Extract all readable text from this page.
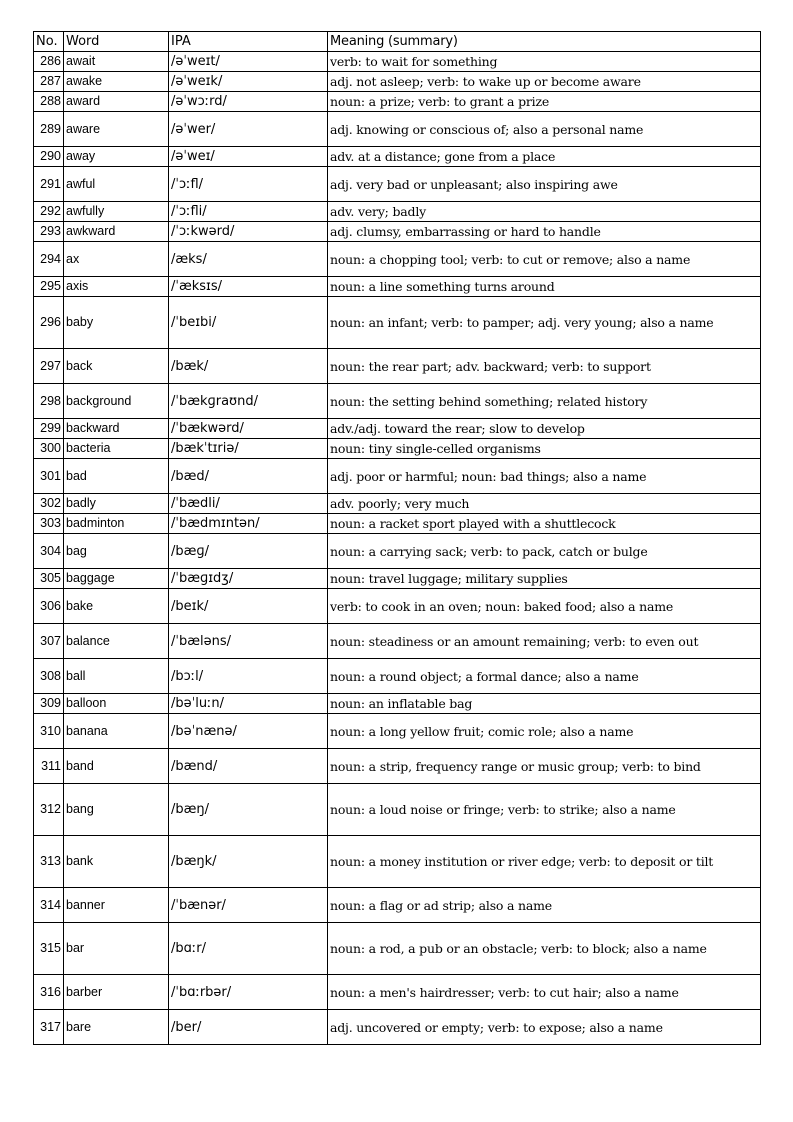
No.	Word	IPA	Meaning (summary)
286	await	/əˈweɪt/	verb: to wait for something
287	awake	/əˈweɪk/	adj. not asleep; verb: to wake up or become aware
288	award	/əˈwɔːrd/	noun: a prize; verb: to grant a prize
289	aware	/əˈwer/	adj. knowing or conscious of; also a personal name
290	away	/əˈweɪ/	adv. at a distance; gone from a place
291	awful	/ˈɔːfl/	adj. very bad or unpleasant; also inspiring awe
292	awfully	/ˈɔːfli/	adv. very; badly
293	awkward	/ˈɔːkwərd/	adj. clumsy, embarrassing or hard to handle
294	ax	/æks/	noun: a chopping tool; verb: to cut or remove; also a name
295	axis	/ˈæksɪs/	noun: a line something turns around
296	baby	/ˈbeɪbi/	noun: an infant; verb: to pamper; adj. very young; also a name
297	back	/bæk/	noun: the rear part; adv. backward; verb: to support
298	background	/ˈbækɡraʊnd/	noun: the setting behind something; related history
299	backward	/ˈbækwərd/	adv./adj. toward the rear; slow to develop
300	bacteria	/bækˈtɪriə/	noun: tiny single-celled organisms
301	bad	/bæd/	adj. poor or harmful; noun: bad things; also a name
302	badly	/ˈbædli/	adv. poorly; very much
303	badminton	/ˈbædmɪntən/	noun: a racket sport played with a shuttlecock
304	bag	/bæɡ/	noun: a carrying sack; verb: to pack, catch or bulge
305	baggage	/ˈbæɡɪdʒ/	noun: travel luggage; military supplies
306	bake	/beɪk/	verb: to cook in an oven; noun: baked food; also a name
307	balance	/ˈbæləns/	noun: steadiness or an amount remaining; verb: to even out
308	ball	/bɔːl/	noun: a round object; a formal dance; also a name
309	balloon	/bəˈluːn/	noun: an inflatable bag
310	banana	/bəˈnænə/	noun: a long yellow fruit; comic role; also a name
311	band	/bænd/	noun: a strip, frequency range or music group; verb: to bind
312	bang	/bæŋ/	noun: a loud noise or fringe; verb: to strike; also a name
313	bank	/bæŋk/	noun: a money institution or river edge; verb: to deposit or tilt
314	banner	/ˈbænər/	noun: a flag or ad strip; also a name
315	bar	/bɑːr/	noun: a rod, a pub or an obstacle; verb: to block; also a name
316	barber	/ˈbɑːrbər/	noun: a men's hairdresser; verb: to cut hair; also a name
317	bare	/ber/	adj. uncovered or empty; verb: to expose; also a name
